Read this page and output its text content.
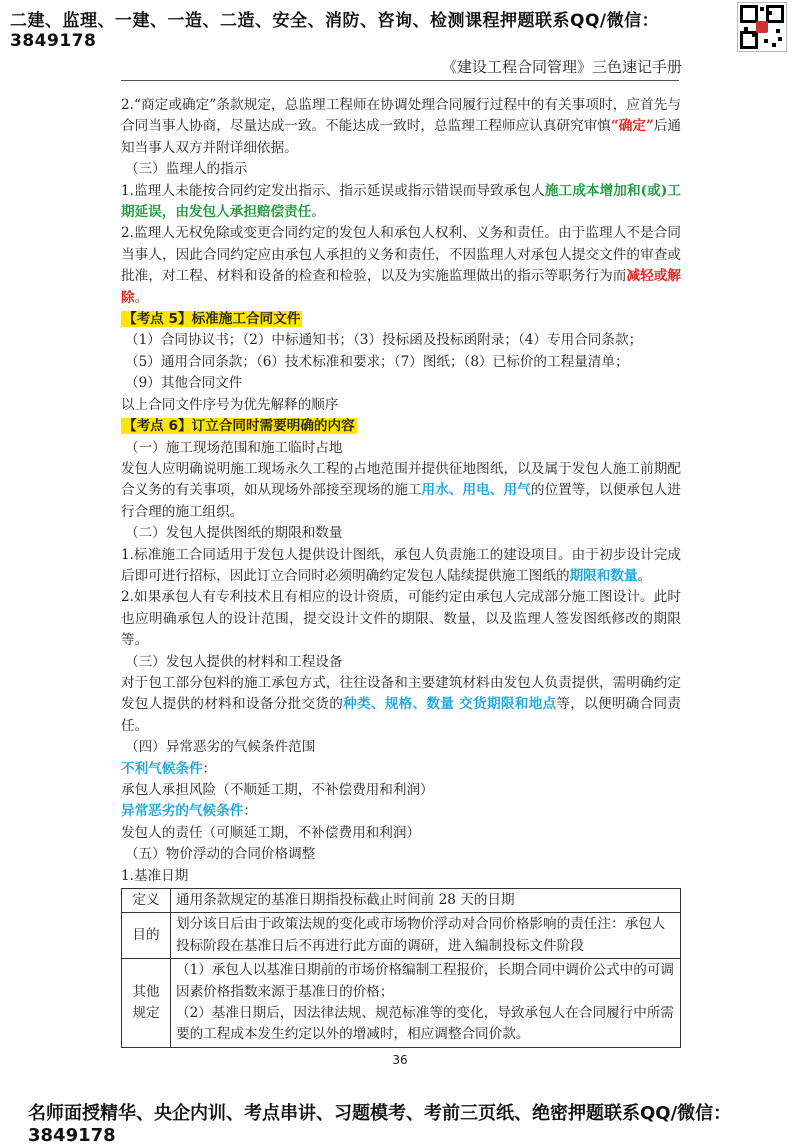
二建、监理、一建、一造、二造、安全、消防、咨询、检测课程押题联系QQ/微信：3849178
《建设工程合同管理》三色速记手册

2.“商定或确定”条款规定，总监理工程师在协调处理合同履行过程中的有关事项时，应首先与合同当事人协商，尽量达成一致。不能达成一致时，总监理工程师应认真研究审慎“确定”后通知当事人双方并附详细依据。

（三）监理人的指示

1.监理人未能按合同约定发出指示、指示延误或指示错误而导致承包人施工成本增加和(或)工期延误，由发包人承担赔偿责任。

2.监理人无权免除或变更合同约定的发包人和承包人权利、义务和责任。由于监理人不是合同当事人，因此合同约定应由承包人承担的义务和责任，不因监理人对承包人提交文件的审查或批准，对工程、材料和设备的检查和检验，以及为实施监理做出的指示等职务行为而减轻或解除。

【考点 5】标准施工合同文件

（1）合同协议书；（2）中标通知书；（3）投标函及投标函附录；（4）专用合同条款；

（5）通用合同条款；（6）技术标准和要求；（7）图纸；（8）已标价的工程量清单；

（9）其他合同文件

以上合同文件序号为优先解释的顺序

【考点 6】订立合同时需要明确的内容

（一）施工现场范围和施工临时占地

发包人应明确说明施工现场永久工程的占地范围并提供征地图纸，以及属于发包人施工前期配合义务的有关事项，如从现场外部接至现场的施工用水、用电、用气的位置等，以便承包人进行合理的施工组织。

（二）发包人提供图纸的期限和数量

1.标准施工合同适用于发包人提供设计图纸，承包人负责施工的建设项目。由于初步设计完成后即可进行招标，因此订立合同时必须明确约定发包人陆续提供施工图纸的期限和数量。

2.如果承包人有专利技术且有相应的设计资质，可能约定由承包人完成部分施工图设计。此时也应明确承包人的设计范围，提交设计文件的期限、数量，以及监理人签发图纸修改的期限等。

（三）发包人提供的材料和工程设备

对于包工部分包料的施工承包方式，往往设备和主要建筑材料由发包人负责提供，需明确约定发包人提供的材料和设备分批交货的种类、规格、数量 交货期限和地点等，以便明确合同责任。

（四）异常恶劣的气候条件范围

不利气候条件：

承包人承担风险（不顺延工期，不补偿费用和利润）

异常恶劣的气候条件：

发包人的责任（可顺延工期，不补偿费用和利润）

（五）物价浮动的合同价格调整

1.基准日期

定义	通用条款规定的基准日期指投标截止时间前 28 天的日期
目的	划分该日后由于政策法规的变化或市场物价浮动对合同价格影响的责任注：承包人投标阶段在基准日后不再进行此方面的调研，进入编制投标文件阶段
其他规定	（1）承包人以基准日期前的市场价格编制工程报价，长期合同中调价公式中的可调因素价格指数来源于基准日的价格；
（2）基准日期后，因法律法规、规范标准等的变化，导致承包人在合同履行中所需要的工程成本发生约定以外的增减时，相应调整合同价款。
36
名师面授精华、央企内训、考点串讲、习题模考、考前三页纸、绝密押题联系QQ/微信：3849178
